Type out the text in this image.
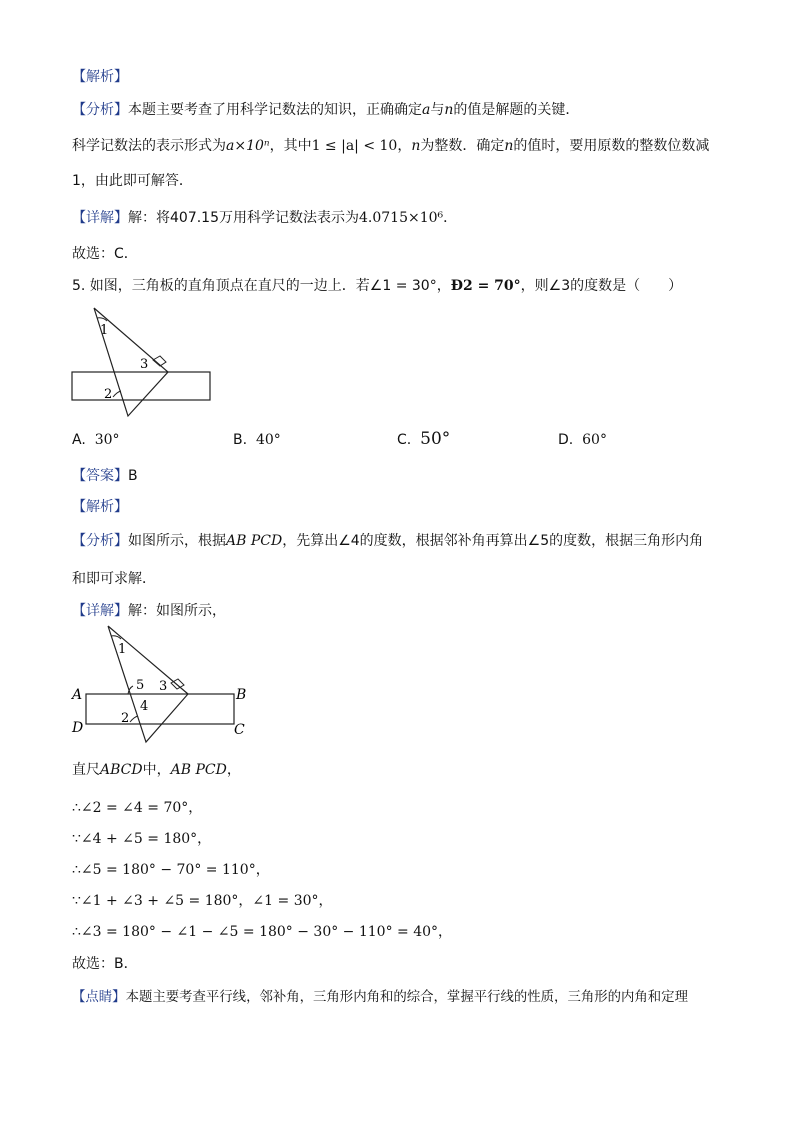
【解析】
【分析】本题主要考查了用科学记数法的知识，正确确定a与n的值是解题的关键．
科学记数法的表示形式为a×10ⁿ，其中1 ≤ |a| < 10，n为整数．确定n的值时，要用原数的整数位数减
1，由此即可解答．
【详解】解：将407.15万用科学记数法表示为4.0715×10⁶．
故选：C．
5. 如图，三角板的直角顶点在直尺的一边上．若∠1 = 30°，Ð2 = 70°，则∠3的度数是（　　）
1
3
2
A. 30°	B. 40°	C. 50°	D. 60°
【答案】B
【解析】
【分析】如图所示，根据AB PCD，先算出∠4的度数，根据邻补角再算出∠5的度数，根据三角形内角
和即可求解．
【详解】解：如图所示，
1
5 3
4
2
A	B
D	C
直尺ABCD中，AB PCD，
∴∠2 = ∠4 = 70°，
∵∠4 + ∠5 = 180°，
∴∠5 = 180° − 70° = 110°，
∵∠1 + ∠3 + ∠5 = 180°，∠1 = 30°，
∴∠3 = 180° − ∠1 − ∠5 = 180° − 30° − 110° = 40°，
故选：B．
【点睛】本题主要考查平行线，邻补角，三角形内角和的综合，掌握平行线的性质，三角形的内角和定理
